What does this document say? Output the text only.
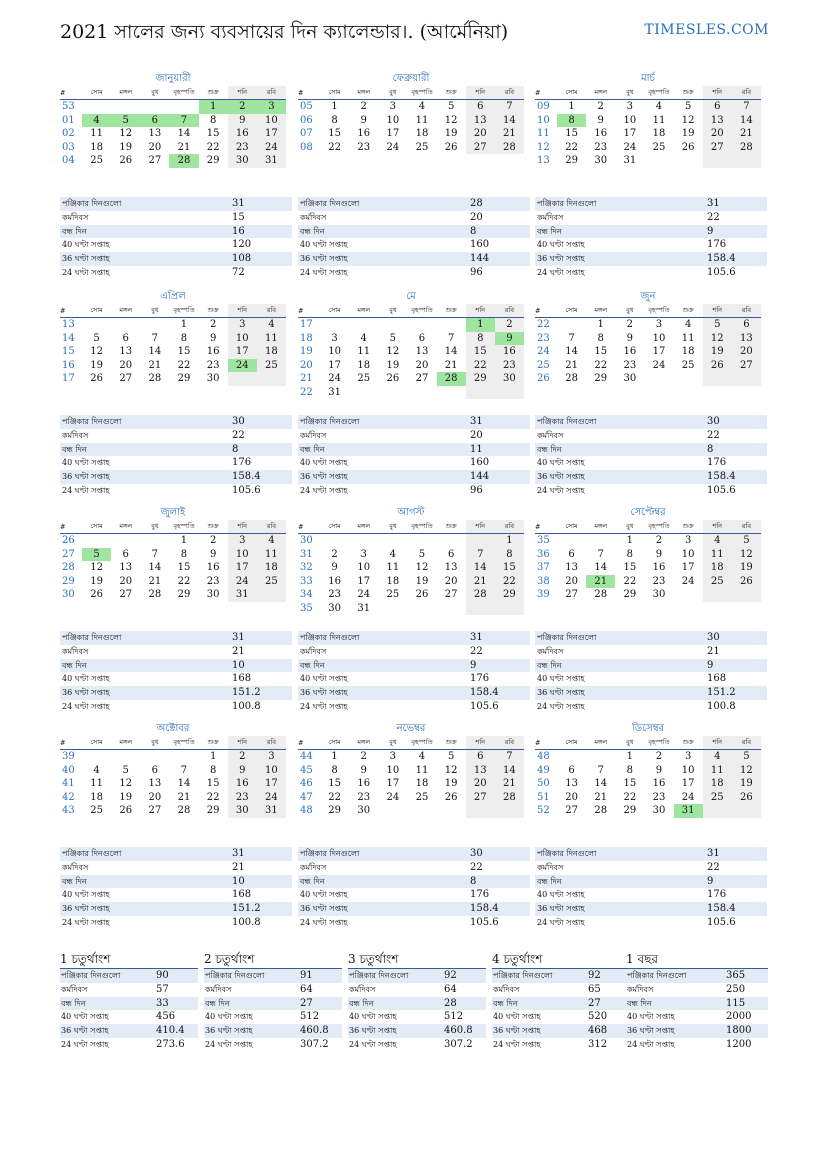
2021 সালের জন্য ব্যবসায়ের দিন ক্যালেন্ডার।. (আর্মেনিয়া)	TIMESLES.COM
জানুয়ারী
#	সোম	মঙ্গল	বুধ	বৃহস্পতি	শুক্র	শনি	রবি
53					1	2	3
01	4	5	6	7	8	9	10
02	11	12	13	14	15	16	17
03	18	19	20	21	22	23	24
04	25	26	27	28	29	30	31
পঞ্জিকার দিনগুলো	31
কর্মদিবস	15
বন্ধ দিন	16
40 ঘণ্টা সপ্তাহ	120
36 ঘণ্টা সপ্তাহ	108
24 ঘণ্টা সপ্তাহ	72
ফেব্রুয়ারী
#	সোম	মঙ্গল	বুধ	বৃহস্পতি	শুক্র	শনি	রবি
05	1	2	3	4	5	6	7
06	8	9	10	11	12	13	14
07	15	16	17	18	19	20	21
08	22	23	24	25	26	27	28
পঞ্জিকার দিনগুলো	28
কর্মদিবস	20
বন্ধ দিন	8
40 ঘণ্টা সপ্তাহ	160
36 ঘণ্টা সপ্তাহ	144
24 ঘণ্টা সপ্তাহ	96
মার্চ
#	সোম	মঙ্গল	বুধ	বৃহস্পতি	শুক্র	শনি	রবি
09	1	2	3	4	5	6	7
10	8	9	10	11	12	13	14
11	15	16	17	18	19	20	21
12	22	23	24	25	26	27	28
13	29	30	31				
পঞ্জিকার দিনগুলো	31
কর্মদিবস	22
বন্ধ দিন	9
40 ঘণ্টা সপ্তাহ	176
36 ঘণ্টা সপ্তাহ	158.4
24 ঘণ্টা সপ্তাহ	105.6
এপ্রিল
#	সোম	মঙ্গল	বুধ	বৃহস্পতি	শুক্র	শনি	রবি
13				1	2	3	4
14	5	6	7	8	9	10	11
15	12	13	14	15	16	17	18
16	19	20	21	22	23	24	25
17	26	27	28	29	30		
পঞ্জিকার দিনগুলো	30
কর্মদিবস	22
বন্ধ দিন	8
40 ঘণ্টা সপ্তাহ	176
36 ঘণ্টা সপ্তাহ	158.4
24 ঘণ্টা সপ্তাহ	105.6
মে
#	সোম	মঙ্গল	বুধ	বৃহস্পতি	শুক্র	শনি	রবি
17						1	2
18	3	4	5	6	7	8	9
19	10	11	12	13	14	15	16
20	17	18	19	20	21	22	23
21	24	25	26	27	28	29	30
22	31						
পঞ্জিকার দিনগুলো	31
কর্মদিবস	20
বন্ধ দিন	11
40 ঘণ্টা সপ্তাহ	160
36 ঘণ্টা সপ্তাহ	144
24 ঘণ্টা সপ্তাহ	96
জুন
#	সোম	মঙ্গল	বুধ	বৃহস্পতি	শুক্র	শনি	রবি
22		1	2	3	4	5	6
23	7	8	9	10	11	12	13
24	14	15	16	17	18	19	20
25	21	22	23	24	25	26	27
26	28	29	30				
পঞ্জিকার দিনগুলো	30
কর্মদিবস	22
বন্ধ দিন	8
40 ঘণ্টা সপ্তাহ	176
36 ঘণ্টা সপ্তাহ	158.4
24 ঘণ্টা সপ্তাহ	105.6
জুলাই
#	সোম	মঙ্গল	বুধ	বৃহস্পতি	শুক্র	শনি	রবি
26				1	2	3	4
27	5	6	7	8	9	10	11
28	12	13	14	15	16	17	18
29	19	20	21	22	23	24	25
30	26	27	28	29	30	31	
পঞ্জিকার দিনগুলো	31
কর্মদিবস	21
বন্ধ দিন	10
40 ঘণ্টা সপ্তাহ	168
36 ঘণ্টা সপ্তাহ	151.2
24 ঘণ্টা সপ্তাহ	100.8
আগস্ট
#	সোম	মঙ্গল	বুধ	বৃহস্পতি	শুক্র	শনি	রবি
30							1
31	2	3	4	5	6	7	8
32	9	10	11	12	13	14	15
33	16	17	18	19	20	21	22
34	23	24	25	26	27	28	29
35	30	31					
পঞ্জিকার দিনগুলো	31
কর্মদিবস	22
বন্ধ দিন	9
40 ঘণ্টা সপ্তাহ	176
36 ঘণ্টা সপ্তাহ	158.4
24 ঘণ্টা সপ্তাহ	105.6
সেপ্টেম্বর
#	সোম	মঙ্গল	বুধ	বৃহস্পতি	শুক্র	শনি	রবি
35			1	2	3	4	5
36	6	7	8	9	10	11	12
37	13	14	15	16	17	18	19
38	20	21	22	23	24	25	26
39	27	28	29	30			
পঞ্জিকার দিনগুলো	30
কর্মদিবস	21
বন্ধ দিন	9
40 ঘণ্টা সপ্তাহ	168
36 ঘণ্টা সপ্তাহ	151.2
24 ঘণ্টা সপ্তাহ	100.8
অক্টোবর
#	সোম	মঙ্গল	বুধ	বৃহস্পতি	শুক্র	শনি	রবি
39					1	2	3
40	4	5	6	7	8	9	10
41	11	12	13	14	15	16	17
42	18	19	20	21	22	23	24
43	25	26	27	28	29	30	31
পঞ্জিকার দিনগুলো	31
কর্মদিবস	21
বন্ধ দিন	10
40 ঘণ্টা সপ্তাহ	168
36 ঘণ্টা সপ্তাহ	151.2
24 ঘণ্টা সপ্তাহ	100.8
নভেম্বর
#	সোম	মঙ্গল	বুধ	বৃহস্পতি	শুক্র	শনি	রবি
44	1	2	3	4	5	6	7
45	8	9	10	11	12	13	14
46	15	16	17	18	19	20	21
47	22	23	24	25	26	27	28
48	29	30					
পঞ্জিকার দিনগুলো	30
কর্মদিবস	22
বন্ধ দিন	8
40 ঘণ্টা সপ্তাহ	176
36 ঘণ্টা সপ্তাহ	158.4
24 ঘণ্টা সপ্তাহ	105.6
ডিসেম্বর
#	সোম	মঙ্গল	বুধ	বৃহস্পতি	শুক্র	শনি	রবি
48			1	2	3	4	5
49	6	7	8	9	10	11	12
50	13	14	15	16	17	18	19
51	20	21	22	23	24	25	26
52	27	28	29	30	31		
পঞ্জিকার দিনগুলো	31
কর্মদিবস	22
বন্ধ দিন	9
40 ঘণ্টা সপ্তাহ	176
36 ঘণ্টা সপ্তাহ	158.4
24 ঘণ্টা সপ্তাহ	105.6
1 চতুর্থাংশ
পঞ্জিকার দিনগুলো	90
কর্মদিবস	57
বন্ধ দিন	33
40 ঘণ্টা সপ্তাহ	456
36 ঘণ্টা সপ্তাহ	410.4
24 ঘণ্টা সপ্তাহ	273.6
2 চতুর্থাংশ
পঞ্জিকার দিনগুলো	91
কর্মদিবস	64
বন্ধ দিন	27
40 ঘণ্টা সপ্তাহ	512
36 ঘণ্টা সপ্তাহ	460.8
24 ঘণ্টা সপ্তাহ	307.2
3 চতুর্থাংশ
পঞ্জিকার দিনগুলো	92
কর্মদিবস	64
বন্ধ দিন	28
40 ঘণ্টা সপ্তাহ	512
36 ঘণ্টা সপ্তাহ	460.8
24 ঘণ্টা সপ্তাহ	307.2
4 চতুর্থাংশ
পঞ্জিকার দিনগুলো	92
কর্মদিবস	65
বন্ধ দিন	27
40 ঘণ্টা সপ্তাহ	520
36 ঘণ্টা সপ্তাহ	468
24 ঘণ্টা সপ্তাহ	312
1 বছর
পঞ্জিকার দিনগুলো	365
কর্মদিবস	250
বন্ধ দিন	115
40 ঘণ্টা সপ্তাহ	2000
36 ঘণ্টা সপ্তাহ	1800
24 ঘণ্টা সপ্তাহ	1200
